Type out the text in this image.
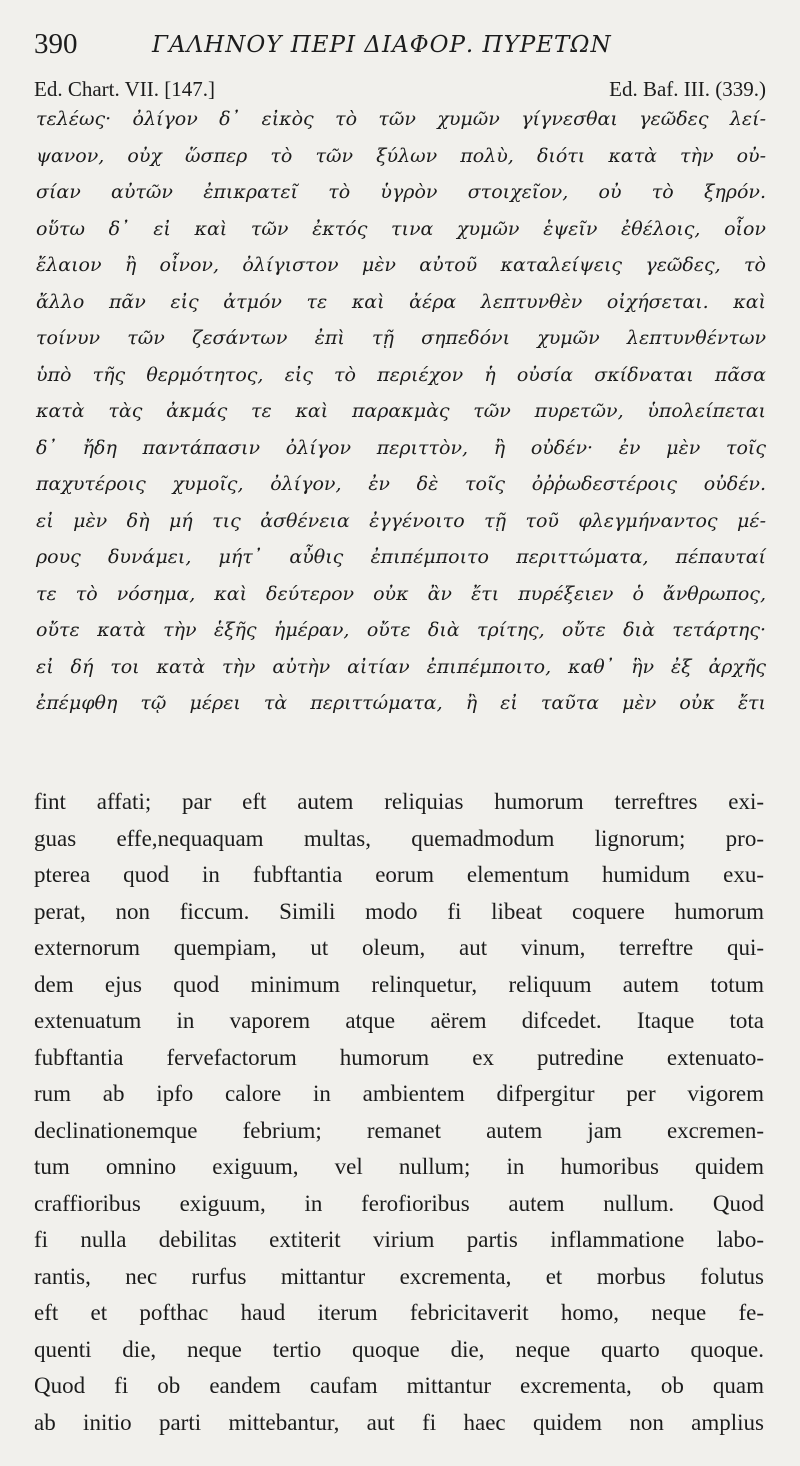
390	ΓΑΛΗΝΟΥ ΠΕΡΙ ΔΙΑΦΟΡ. ΠΥΡΕΤΩΝ
Ed. Chart. VII. [147.]	Ed. Baf. III. (339.)
τελέως· ὀλίγον δ᾽ εἰκὸς τὸ τῶν χυμῶν γίγνεσθαι γεῶδες λεί-
ψανον, οὐχ ὥσπερ τὸ τῶν ξύλων πολὺ, διότι κατὰ τὴν οὐ-
σίαν αὐτῶν ἐπικρατεῖ τὸ ὑγρὸν στοιχεῖον, οὐ τὸ ξηρόν.
οὕτω δ᾽ εἰ καὶ τῶν ἐκτός τινα χυμῶν ἑψεῖν ἐθέλοις, οἷον
ἔλαιον ἢ οἶνον, ὀλίγιστον μὲν αὐτοῦ καταλείψεις γεῶδες, τὸ
ἄλλο πᾶν εἰς ἀτμόν τε καὶ ἀέρα λεπτυνθὲν οἰχήσεται. καὶ
τοίνυν τῶν ζεσάντων ἐπὶ τῇ σηπεδόνι χυμῶν λεπτυνθέντων
ὑπὸ τῆς θερμότητος, εἰς τὸ περιέχον ἡ οὐσία σκίδναται πᾶσα
κατὰ τὰς ἀκμάς τε καὶ παρακμὰς τῶν πυρετῶν, ὑπολείπεται
δ᾽ ἤδη παντάπασιν ὀλίγον περιττὸν, ἢ οὐδέν· ἐν μὲν τοῖς
παχυτέροις χυμοῖς, ὀλίγον, ἐν δὲ τοῖς ὀῤῥωδεστέροις οὐδέν.
εἰ μὲν δὴ μή τις ἀσθένεια ἐγγένοιτο τῇ τοῦ φλεγμήναντος μέ-
ρους δυνάμει, μήτ᾽ αὖθις ἐπιπέμποιτο περιττώματα, πέπαυταί
τε τὸ νόσημα, καὶ δεύτερον οὐκ ἂν ἔτι πυρέξειεν ὁ ἄνθρωπος,
οὔτε κατὰ τὴν ἑξῆς ἡμέραν, οὔτε διὰ τρίτης, οὔτε διὰ τετάρτης·
εἰ δή τοι κατὰ τὴν αὐτὴν αἰτίαν ἐπιπέμποιτο, καθ᾽ ἣν ἐξ ἀρχῆς
ἐπέμφθη τῷ μέρει τὰ περιττώματα, ἢ εἰ ταῦτα μὲν οὐκ ἔτι
fint affati; par eft autem reliquias humorum terreftres exi-
guas effe,nequaquam multas, quemadmodum lignorum; pro-
pterea quod in fubftantia eorum elementum humidum exu-
perat, non ficcum. Simili modo fi libeat coquere humorum
externorum quempiam, ut oleum, aut vinum, terreftre qui-
dem ejus quod minimum relinquetur, reliquum autem totum
extenuatum in vaporem atque aërem difcedet. Itaque tota
fubftantia fervefactorum humorum ex putredine extenuato-
rum ab ipfo calore in ambientem difpergitur per vigorem
declinationemque febrium; remanet autem jam excremen-
tum omnino exiguum, vel nullum; in humoribus quidem
craffioribus exiguum, in ferofioribus autem nullum. Quod
fi nulla debilitas extiterit virium partis inflammatione labo-
rantis, nec rurfus mittantur excrementa, et morbus folutus
eft et pofthac haud iterum febricitaverit homo, neque fe-
quenti die, neque tertio quoque die, neque quarto quoque.
Quod fi ob eandem caufam mittantur excrementa, ob quam
ab initio parti mittebantur, aut fi haec quidem non amplius
